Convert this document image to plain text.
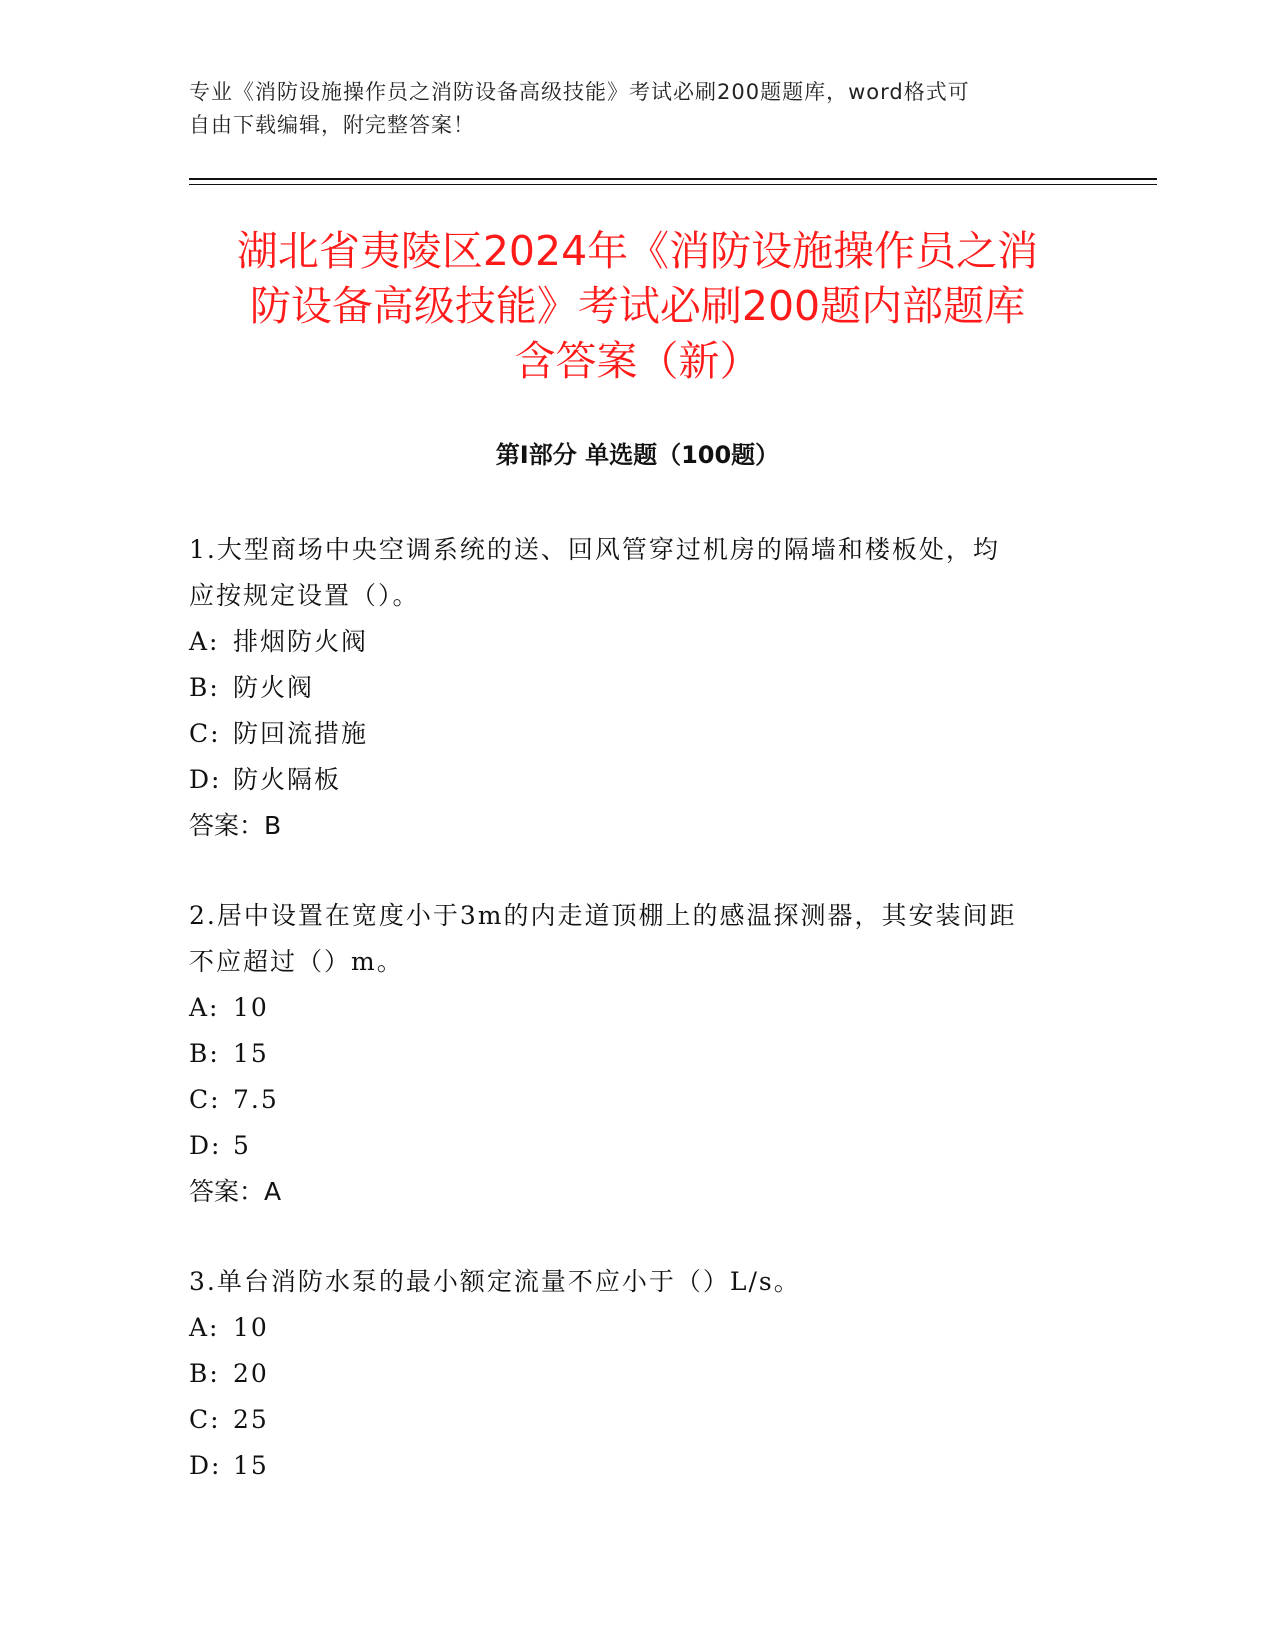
专业《消防设施操作员之消防设备高级技能》考试必刷200题题库，word格式可
自由下载编辑，附完整答案！
湖北省夷陵区2024年《消防设施操作员之消
防设备高级技能》考试必刷200题内部题库
含答案（新）
第I部分 单选题（100题）
1.大型商场中央空调系统的送、回风管穿过机房的隔墙和楼板处，均
应按规定设置（）。
A: 排烟防火阀
B: 防火阀
C: 防回流措施
D: 防火隔板
答案：B
2.居中设置在宽度小于3m的内走道顶棚上的感温探测器，其安装间距
不应超过（）m。
A: 10
B: 15
C: 7.5
D: 5
答案：A
3.单台消防水泵的最小额定流量不应小于（）L/s。
A: 10
B: 20
C: 25
D: 15
